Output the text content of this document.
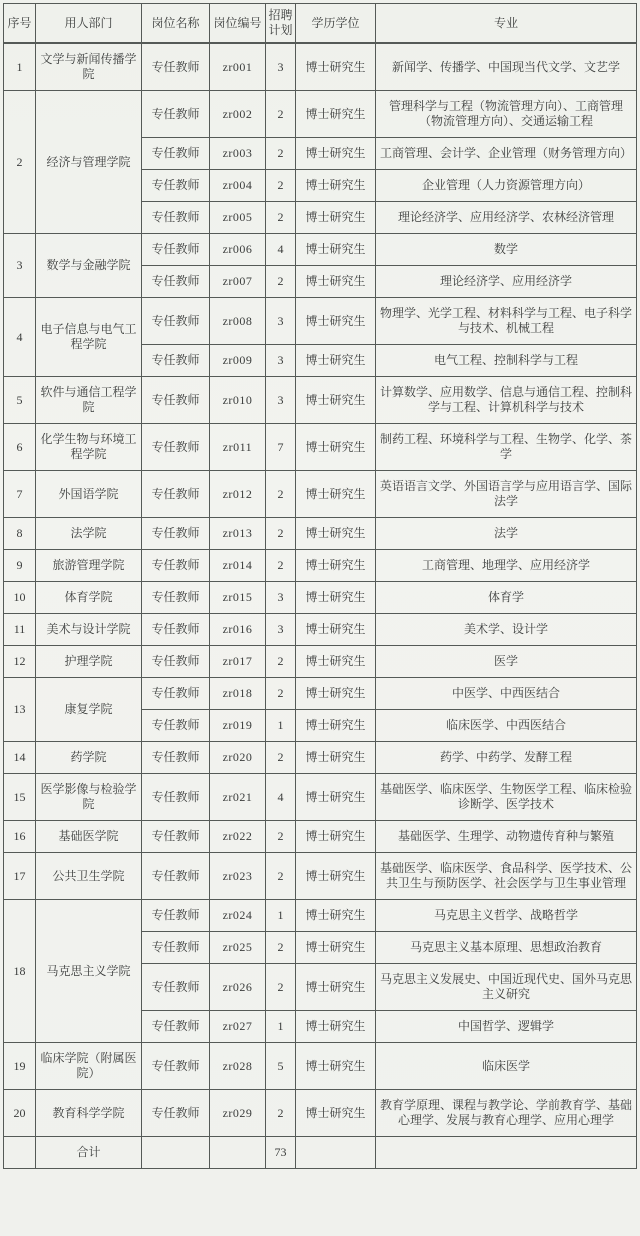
序号	用人部门	岗位名称	岗位编号	招聘计划	学历学位	专业
1	文学与新闻传播学院	专任教师	zr001	3	博士研究生	新闻学、传播学、中国现当代文学、文艺学
2	经济与管理学院	专任教师	zr002	2	博士研究生	管理科学与工程（物流管理方向）、工商管理（物流管理方向）、交通运输工程
		专任教师	zr003	2	博士研究生	工商管理、会计学、企业管理（财务管理方向）
		专任教师	zr004	2	博士研究生	企业管理（人力资源管理方向）
		专任教师	zr005	2	博士研究生	理论经济学、应用经济学、农林经济管理
3	数学与金融学院	专任教师	zr006	4	博士研究生	数学
		专任教师	zr007	2	博士研究生	理论经济学、应用经济学
4	电子信息与电气工程学院	专任教师	zr008	3	博士研究生	物理学、光学工程、材料科学与工程、电子科学与技术、机械工程
		专任教师	zr009	3	博士研究生	电气工程、控制科学与工程
5	软件与通信工程学院	专任教师	zr010	3	博士研究生	计算数学、应用数学、信息与通信工程、控制科学与工程、计算机科学与技术
6	化学生物与环境工程学院	专任教师	zr011	7	博士研究生	制药工程、环境科学与工程、生物学、化学、茶学
7	外国语学院	专任教师	zr012	2	博士研究生	英语语言文学、外国语言学与应用语言学、国际法学
8	法学院	专任教师	zr013	2	博士研究生	法学
9	旅游管理学院	专任教师	zr014	2	博士研究生	工商管理、地理学、应用经济学
10	体育学院	专任教师	zr015	3	博士研究生	体育学
11	美术与设计学院	专任教师	zr016	3	博士研究生	美术学、设计学
12	护理学院	专任教师	zr017	2	博士研究生	医学
13	康复学院	专任教师	zr018	2	博士研究生	中医学、中西医结合
		专任教师	zr019	1	博士研究生	临床医学、中西医结合
14	药学院	专任教师	zr020	2	博士研究生	药学、中药学、发酵工程
15	医学影像与检验学院	专任教师	zr021	4	博士研究生	基础医学、临床医学、生物医学工程、临床检验诊断学、医学技术
16	基础医学院	专任教师	zr022	2	博士研究生	基础医学、生理学、动物遗传育种与繁殖
17	公共卫生学院	专任教师	zr023	2	博士研究生	基础医学、临床医学、食品科学、医学技术、公共卫生与预防医学、社会医学与卫生事业管理
18	马克思主义学院	专任教师	zr024	1	博士研究生	马克思主义哲学、战略哲学
		专任教师	zr025	2	博士研究生	马克思主义基本原理、思想政治教育
		专任教师	zr026	2	博士研究生	马克思主义发展史、中国近现代史、国外马克思主义研究
		专任教师	zr027	1	博士研究生	中国哲学、逻辑学
19	临床学院（附属医院）	专任教师	zr028	5	博士研究生	临床医学
20	教育科学学院	专任教师	zr029	2	博士研究生	教育学原理、课程与教学论、学前教育学、基础心理学、发展与教育心理学、应用心理学
	合计			73		
